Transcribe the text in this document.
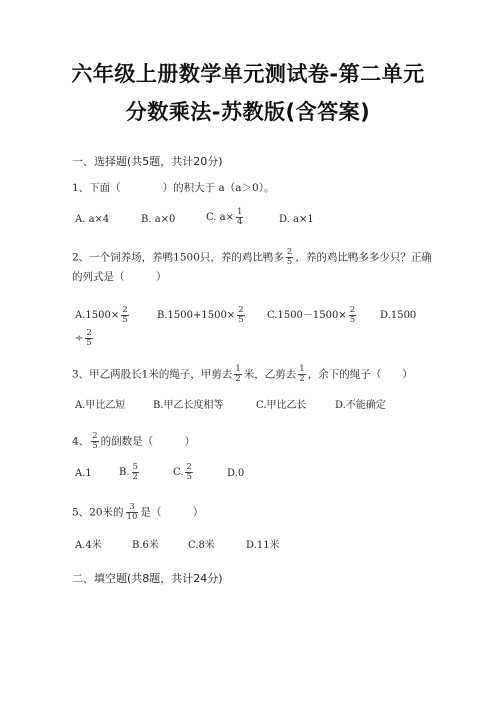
六年级上册数学单元测试卷-第二单元
分数乘法-苏教版(含答案)
一、选择题(共5题，共计20分)
1、下面（　　　　）的积大于 a（a＞0）。
A. a×4	B. a×0	C. $a\times \frac{1}{4}$	D. a×1
2、一个饲养场，养鸭1500只，养的鸡比鸭多 $\frac{2}{5}$ ，养的鸡比鸭多多少只？正确
的列式是（　　　）
$A.1500\times \frac{2}{5}$	$B.1500+1500\times \frac{2}{5} C.1500-1500\times \frac{2}{5} D.1500$
÷ $\frac{2}{5}$
3、甲乙两股长1米的绳子，甲剪去 $\frac{1}{2}$ 米，乙剪去 $\frac{1}{2}$ ，余下的绳子（　　）
A.甲比乙短	B.甲乙长度相等	C.甲比乙长	D.不能确定
4、 $\frac{2}{5}$ 的倒数是（　　　）
A.1	B. $\frac{5}{2}$	C. $\frac{2}{5}$	D.0
5、20米的 $\frac{3}{10}$ 是（　　　）
A.4米	B.6米	C.8米	D.11米
二、填空题(共8题，共计24分)
